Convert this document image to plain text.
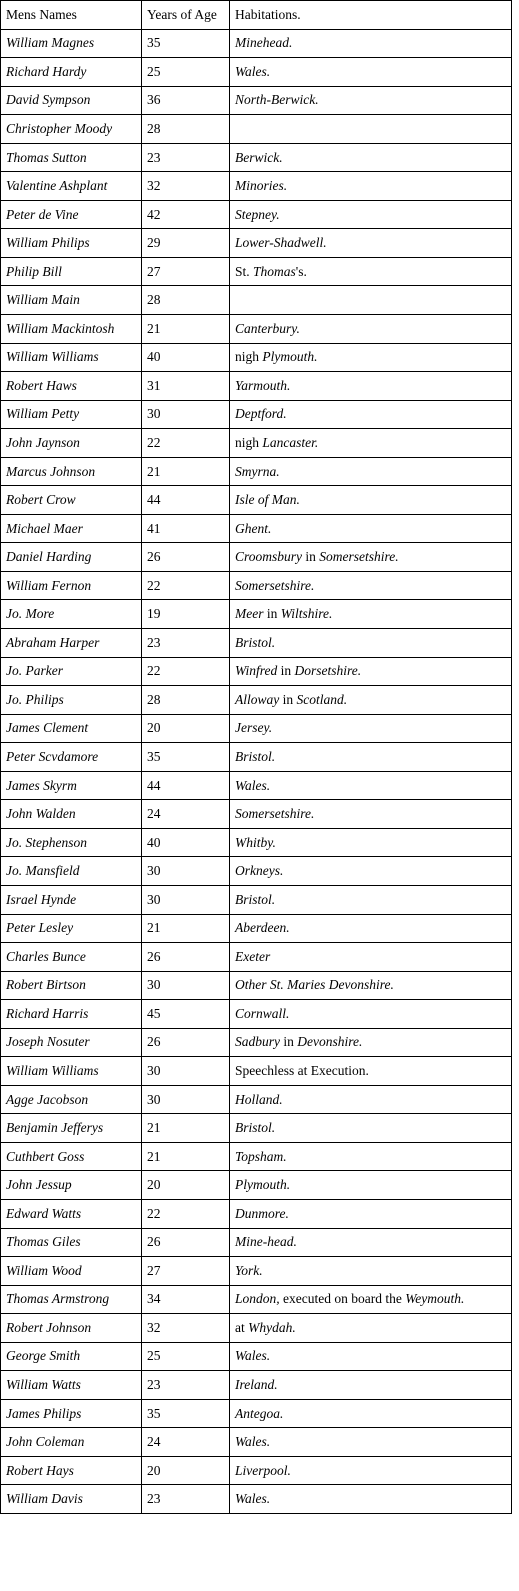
Mens Names	Years of Age	Habitations.
William Magnes	35	Minehead.
Richard Hardy	25	Wales.
David Sympson	36	North-Berwick.
Christopher Moody	28	
Thomas Sutton	23	Berwick.
Valentine Ashplant	32	Minories.
Peter de Vine	42	Stepney.
William Philips	29	Lower-Shadwell.
Philip Bill	27	St. Thomas's.
William Main	28	
William Mackintosh	21	Canterbury.
William Williams	40	nigh Plymouth.
Robert Haws	31	Yarmouth.
William Petty	30	Deptford.
John Jaynson	22	nigh Lancaster.
Marcus Johnson	21	Smyrna.
Robert Crow	44	Isle of Man.
Michael Maer	41	Ghent.
Daniel Harding	26	Croomsbury in Somersetshire.
William Fernon	22	Somersetshire.
Jo. More	19	Meer in Wiltshire.
Abraham Harper	23	Bristol.
Jo. Parker	22	Winfred in Dorsetshire.
Jo. Philips	28	Alloway in Scotland.
James Clement	20	Jersey.
Peter Scvdamore	35	Bristol.
James Skyrm	44	Wales.
John Walden	24	Somersetshire.
Jo. Stephenson	40	Whitby.
Jo. Mansfield	30	Orkneys.
Israel Hynde	30	Bristol.
Peter Lesley	21	Aberdeen.
Charles Bunce	26	Exeter
Robert Birtson	30	Other St. Maries Devonshire.
Richard Harris	45	Cornwall.
Joseph Nosuter	26	Sadbury in Devonshire.
William Williams	30	Speechless at Execution.
Agge Jacobson	30	Holland.
Benjamin Jefferys	21	Bristol.
Cuthbert Goss	21	Topsham.
John Jessup	20	Plymouth.
Edward Watts	22	Dunmore.
Thomas Giles	26	Mine-head.
William Wood	27	York.
Thomas Armstrong	34	London, executed on board the Weymouth.
Robert Johnson	32	at Whydah.
George Smith	25	Wales.
William Watts	23	Ireland.
James Philips	35	Antegoa.
John Coleman	24	Wales.
Robert Hays	20	Liverpool.
William Davis	23	Wales.
